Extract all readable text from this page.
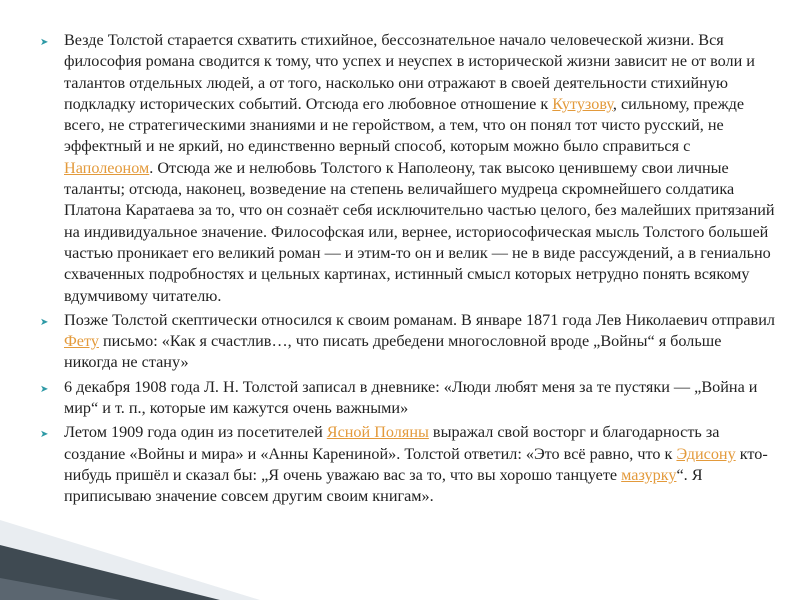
➤ Везде Толстой старается схватить стихийное, бессознательное начало человеческой жизни. Вся философия романа сводится к тому, что успех и неуспех в исторической жизни зависит не от воли и талантов отдельных людей, а от того, насколько они отражают в своей деятельности стихийную подкладку исторических событий. Отсюда его любовное отношение к Кутузову, сильному, прежде всего, не стратегическими знаниями и не геройством, а тем, что он понял тот чисто русский, не эффектный и не яркий, но единственно верный способ, которым можно было справиться с Наполеоном. Отсюда же и нелюбовь Толстого к Наполеону, так высоко ценившему свои личные таланты; отсюда, наконец, возведение на степень величайшего мудреца скромнейшего солдатика Платона Каратаева за то, что он сознаёт себя исключительно частью целого, без малейших притязаний на индивидуальное значение. Философская или, вернее, историософическая мысль Толстого большей частью проникает его великий роман — и этим-то он и велик — не в виде рассуждений, а в гениально схваченных подробностях и цельных картинах, истинный смысл которых нетрудно понять всякому вдумчивому читателю.

➤ Позже Толстой скептически относился к своим романам. В январе 1871 года Лев Николаевич отправил Фету письмо: «Как я счастлив…, что писать дребедени многословной вроде „Войны“ я больше никогда не стану»

➤ 6 декабря 1908 года Л. Н. Толстой записал в дневнике: «Люди любят меня за те пустяки — „Война и мир“ и т. п., которые им кажутся очень важными»

➤ Летом 1909 года один из посетителей Ясной Поляны выражал свой восторг и благодарность за создание «Войны и мира» и «Анны Карениной». Толстой ответил: «Это всё равно, что к Эдисону кто-нибудь пришёл и сказал бы: „Я очень уважаю вас за то, что вы хорошо танцуете мазурку“. Я приписываю значение совсем другим своим книгам».
